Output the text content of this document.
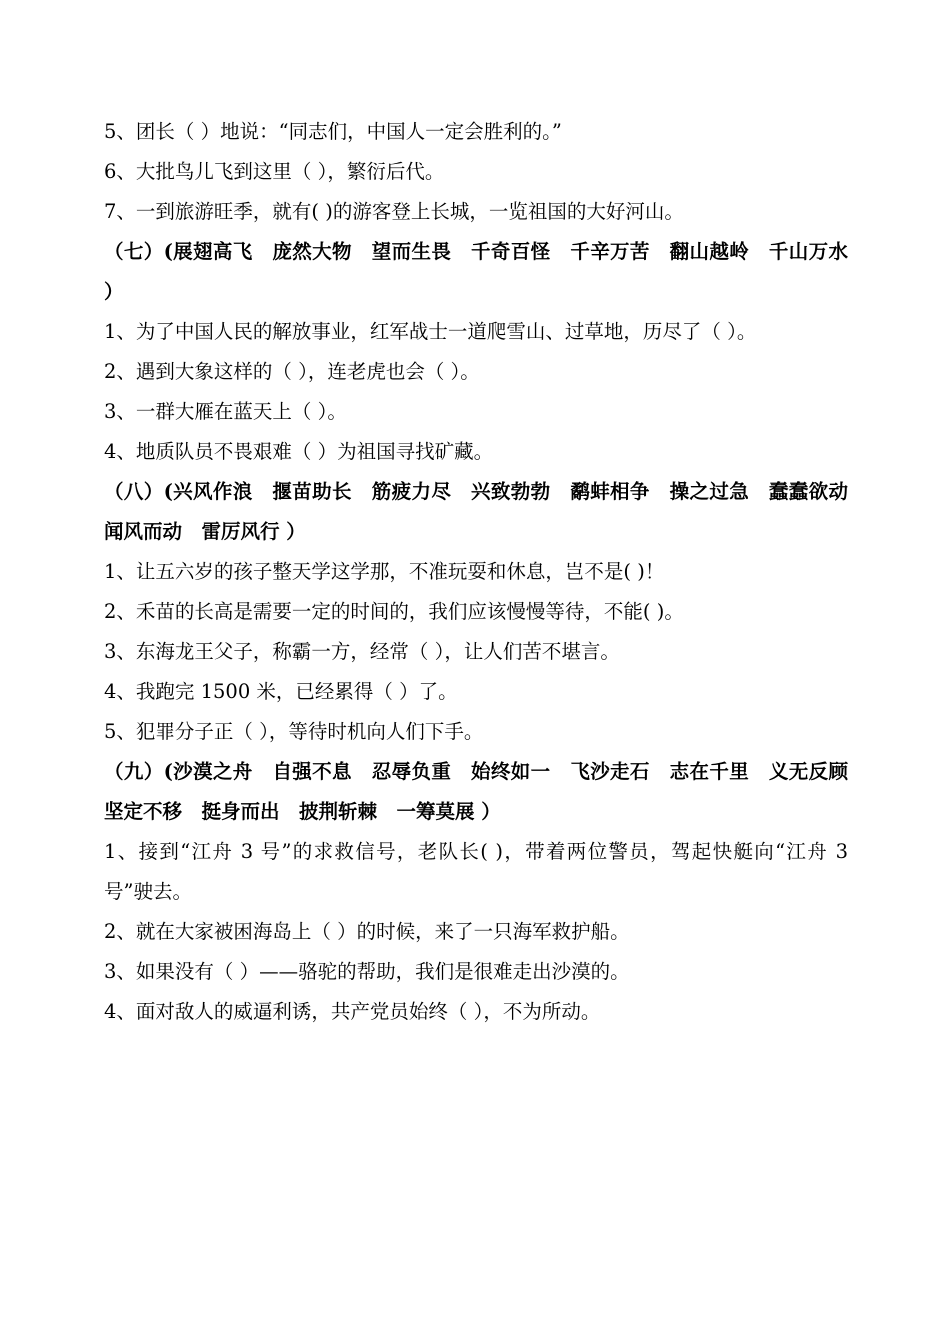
5、团长（ ）地说：“同志们，中国人一定会胜利的。”
6、大批鸟儿飞到这里（ ），繁衍后代。
7、一到旅游旺季，就有( )的游客登上长城，一览祖国的大好河山。
（七）(展翅高飞　庞然大物　望而生畏　千奇百怪　千辛万苦　翻山越岭　千山万水 ）
1、为了中国人民的解放事业，红军战士一道爬雪山、过草地，历尽了（ ）。
2、遇到大象这样的（ ），连老虎也会（ ）。
3、一群大雁在蓝天上（ ）。
4、地质队员不畏艰难（ ）为祖国寻找矿藏。
（八）(兴风作浪　揠苗助长　筋疲力尽　兴致勃勃　鹬蚌相争　操之过急　蠢蠢欲动　闻风而动　雷厉风行 ）
1、让五六岁的孩子整天学这学那，不准玩耍和休息，岂不是( )！
2、禾苗的长高是需要一定的时间的，我们应该慢慢等待，不能( )。
3、东海龙王父子，称霸一方，经常（ ），让人们苦不堪言。
4、我跑完 1500 米，已经累得（ ）了。
5、犯罪分子正（ ），等待时机向人们下手。
（九）(沙漠之舟　自强不息　忍辱负重　始终如一　飞沙走石　志在千里　义无反顾　坚定不移　挺身而出　披荆斩棘　一筹莫展 ）
1、接到“江舟 3 号”的求救信号，老队长( )，带着两位警员，驾起快艇向“江舟 3 号”驶去。
2、就在大家被困海岛上（ ）的时候，来了一只海军救护船。
3、如果没有（ ）——骆驼的帮助，我们是很难走出沙漠的。
4、面对敌人的威逼利诱，共产党员始终（ ），不为所动。
